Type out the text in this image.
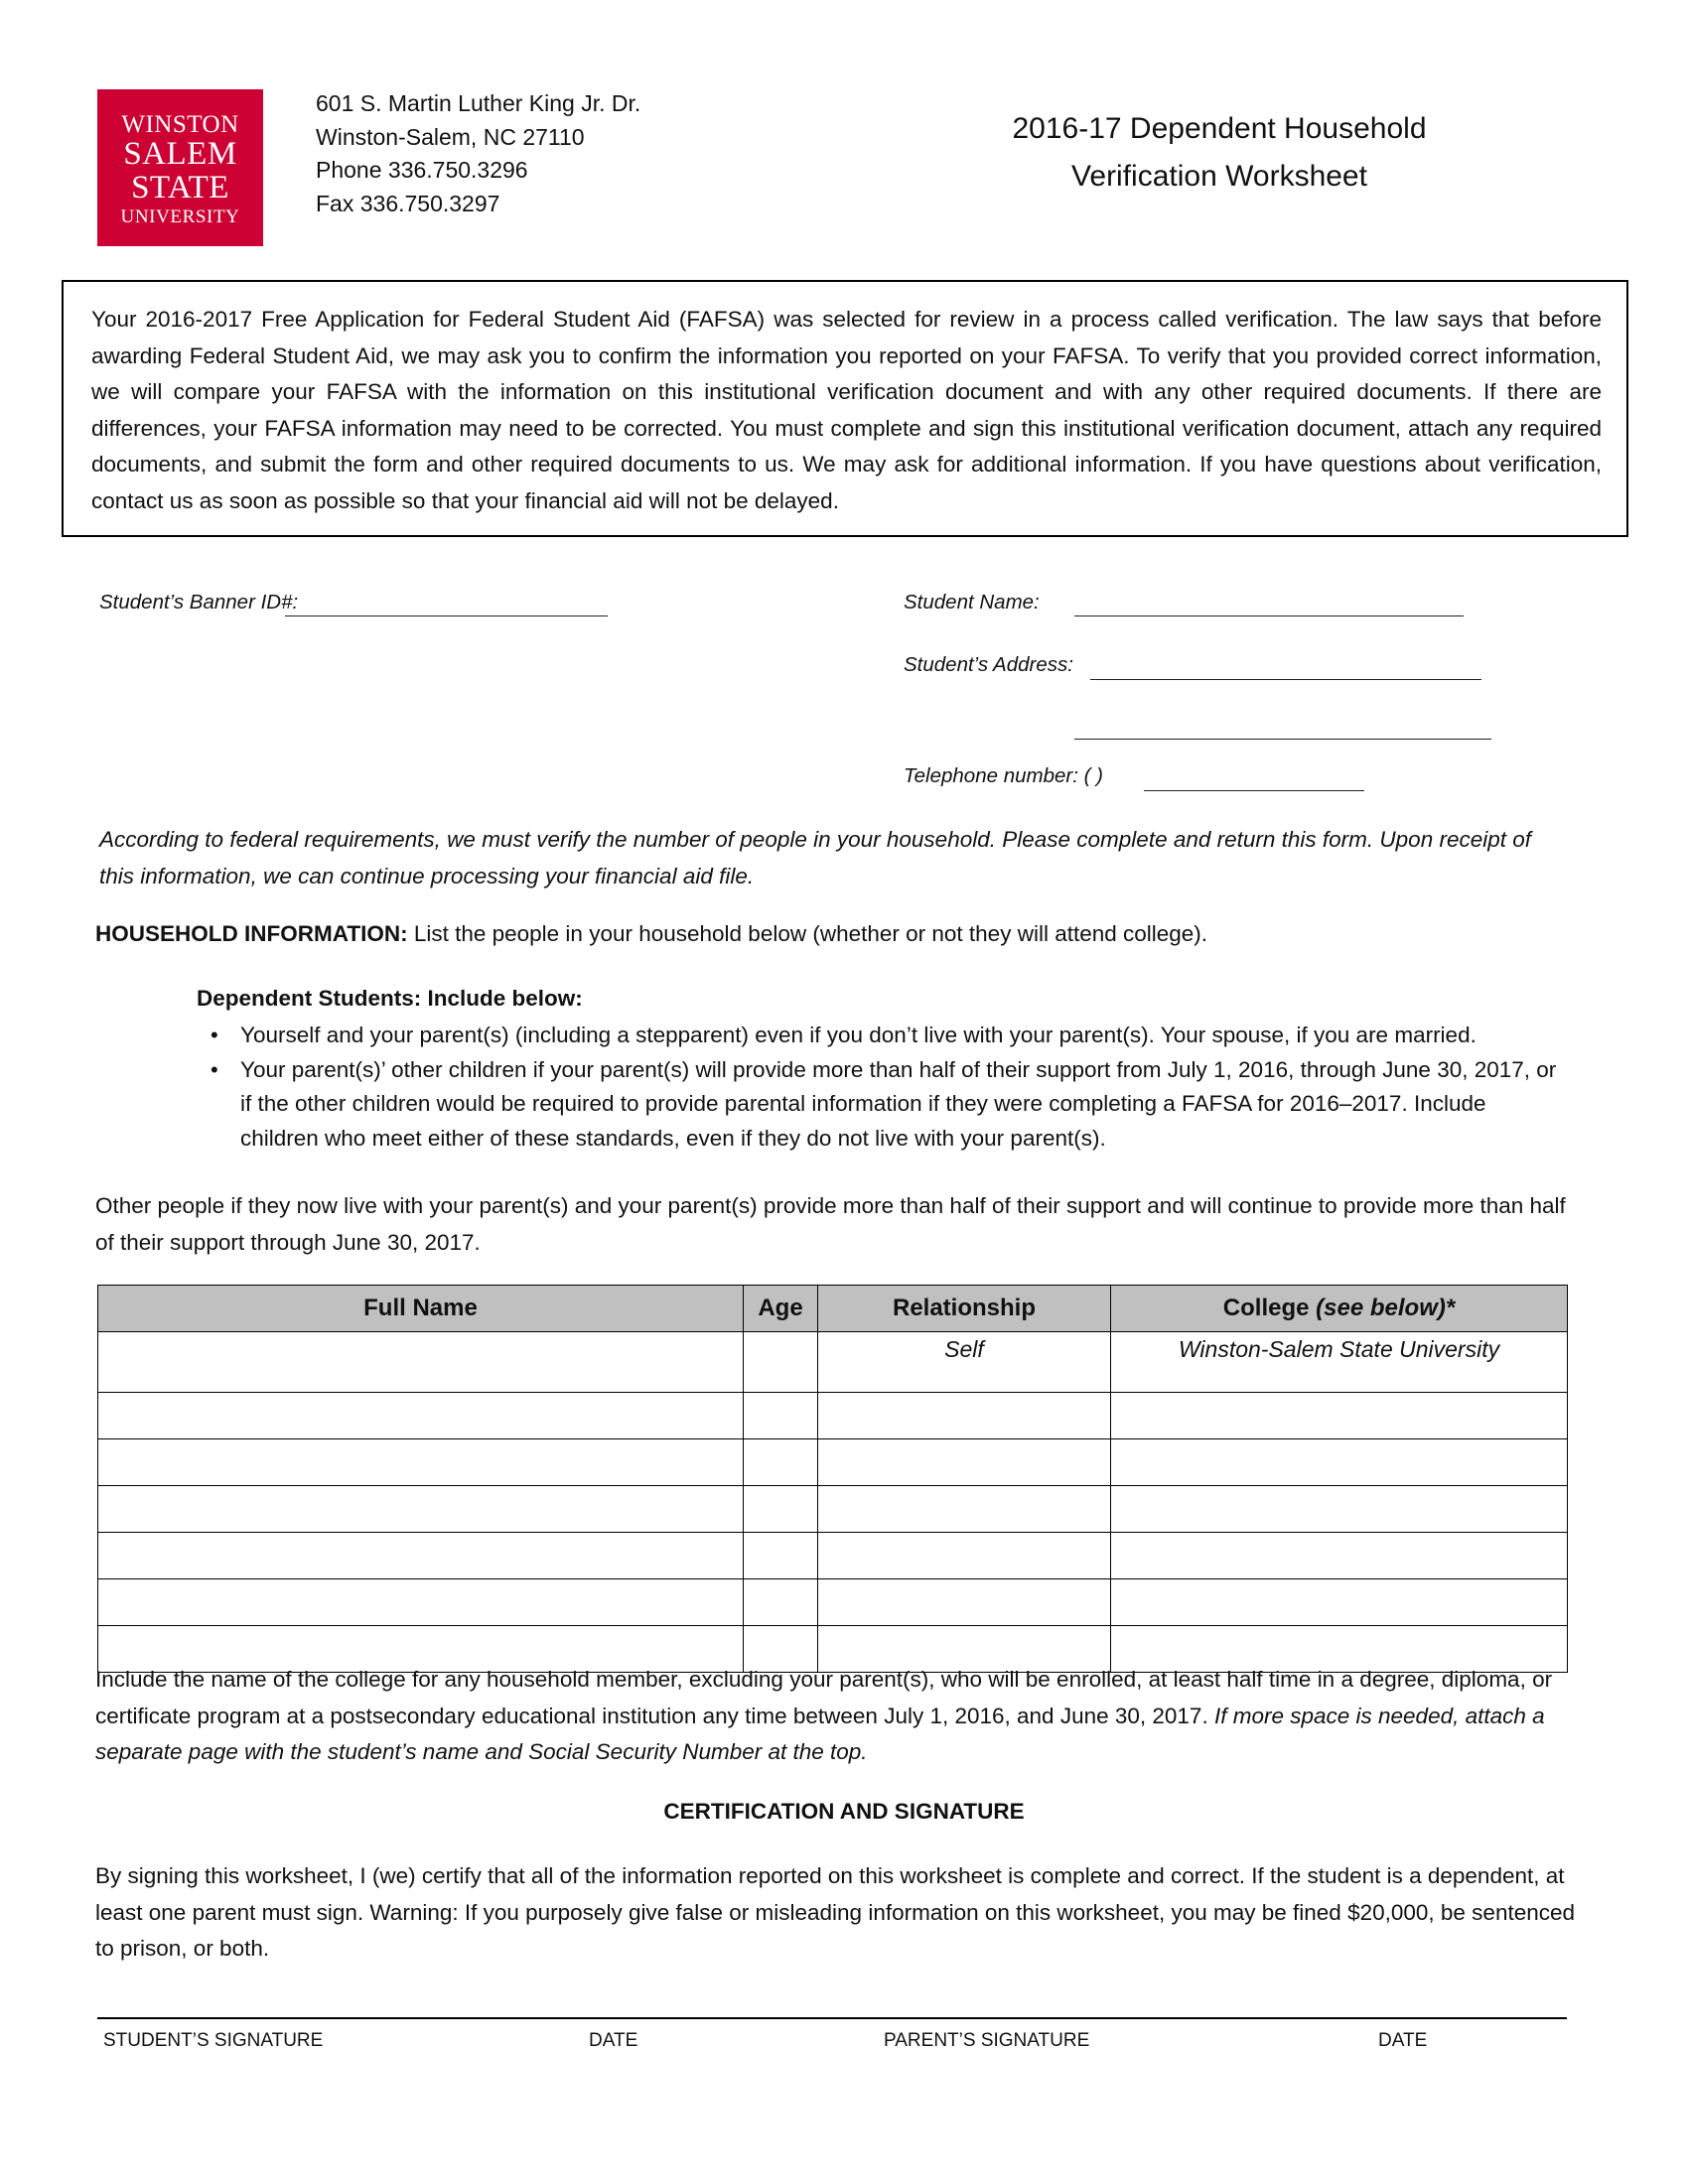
WINSTON
SALEM
STATE
UNIVERSITY
601 S. Martin Luther King Jr. Dr.
Winston-Salem, NC 27110
Phone 336.750.3296
Fax 336.750.3297
2016-17 Dependent Household
Verification Worksheet

Your 2016-2017 Free Application for Federal Student Aid (FAFSA) was selected for review in a process called verification. The law says that before awarding Federal Student Aid, we may ask you to confirm the information you reported on your FAFSA. To verify that you provided correct information, we will compare your FAFSA with the information on this institutional verification document and with any other required documents. If there are differences, your FAFSA information may need to be corrected. You must complete and sign this institutional verification document, attach any required documents, and submit the form and other required documents to us. We may ask for additional information. If you have questions about verification, contact us as soon as possible so that your financial aid will not be delayed.

Student’s Banner ID#:	Student Name:
Student’s Address:
Telephone number: ( )
According to federal requirements, we must verify the number of people in your household. Please complete and return this form. Upon receipt of this information, we can continue processing your financial aid file.
HOUSEHOLD INFORMATION: List the people in your household below (whether or not they will attend college).
Dependent Students: Include below:
• Yourself and your parent(s) (including a stepparent) even if you don’t live with your parent(s). Your spouse, if you are married.
• Your parent(s)’ other children if your parent(s) will provide more than half of their support from July 1, 2016, through June 30, 2017, or if the other children would be required to provide parental information if they were completing a FAFSA for 2016–2017. Include children who meet either of these standards, even if they do not live with your parent(s).
Other people if they now live with your parent(s) and your parent(s) provide more than half of their support and will continue to provide more than half of their support through June 30, 2017.
Full Name	Age	Relationship	College (see below)*
		Self	Winston-Salem State University

Include the name of the college for any household member, excluding your parent(s), who will be enrolled, at least half time in a degree, diploma, or certificate program at a postsecondary educational institution any time between July 1, 2016, and June 30, 2017. If more space is needed, attach a separate page with the student’s name and Social Security Number at the top.
CERTIFICATION AND SIGNATURE
By signing this worksheet, I (we) certify that all of the information reported on this worksheet is complete and correct. If the student is a dependent, at least one parent must sign. Warning: If you purposely give false or misleading information on this worksheet, you may be fined $20,000, be sentenced to prison, or both.
STUDENT’S SIGNATURE	DATE	PARENT’S SIGNATURE	DATE
